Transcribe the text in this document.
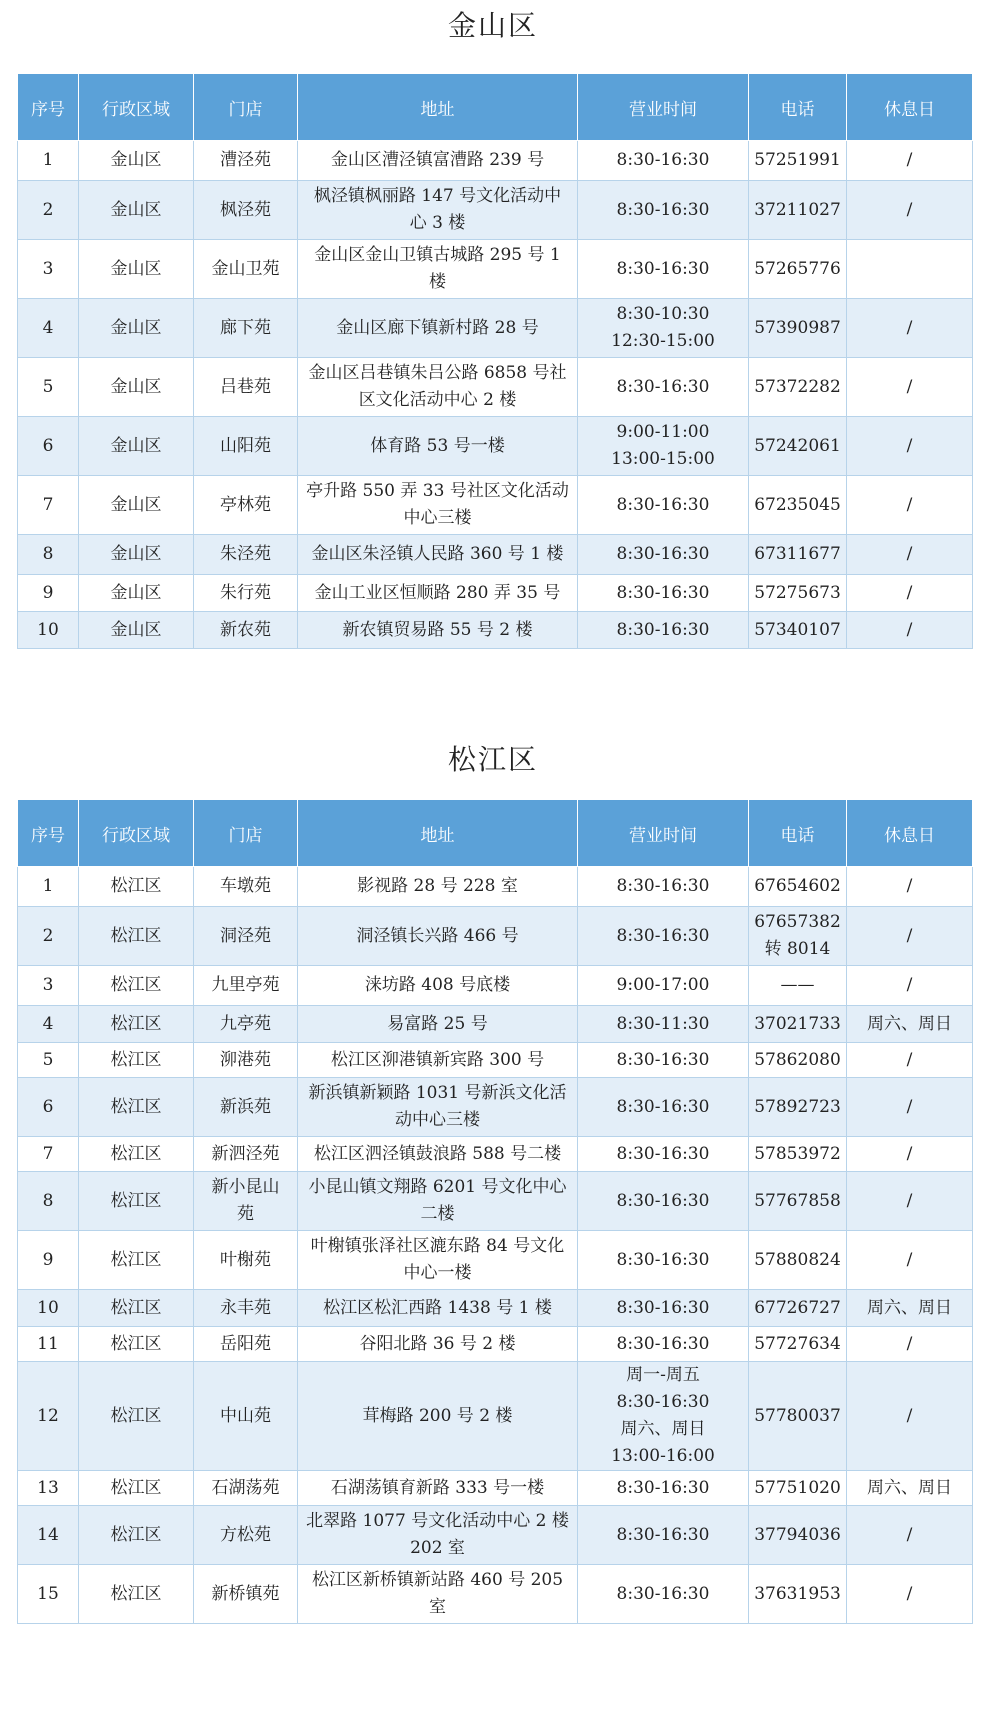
金山区
序号	行政区域	门店	地址	营业时间	电话	休息日
1	金山区	漕泾苑	金山区漕泾镇富漕路 239 号	8:30-16:30	57251991	/
2	金山区	枫泾苑	枫泾镇枫丽路 147 号文化活动中
心 3 楼	8:30-16:30	37211027	/
3	金山区	金山卫苑	金山区金山卫镇古城路 295 号 1
楼	8:30-16:30	57265776	
4	金山区	廊下苑	金山区廊下镇新村路 28 号	8:30-10:30
12:30-15:00	57390987	/
5	金山区	吕巷苑	金山区吕巷镇朱吕公路 6858 号社
区文化活动中心 2 楼	8:30-16:30	57372282	/
6	金山区	山阳苑	体育路 53 号一楼	9:00-11:00
13:00-15:00	57242061	/
7	金山区	亭林苑	亭升路 550 弄 33 号社区文化活动
中心三楼	8:30-16:30	67235045	/
8	金山区	朱泾苑	金山区朱泾镇人民路 360 号 1 楼	8:30-16:30	67311677	/
9	金山区	朱行苑	金山工业区恒顺路 280 弄 35 号	8:30-16:30	57275673	/
10	金山区	新农苑	新农镇贸易路 55 号 2 楼	8:30-16:30	57340107	/
松江区
序号	行政区域	门店	地址	营业时间	电话	休息日
1	松江区	车墩苑	影视路 28 号 228 室	8:30-16:30	67654602	/
2	松江区	洞泾苑	洞泾镇长兴路 466 号	8:30-16:30	67657382
转 8014	/
3	松江区	九里亭苑	涞坊路 408 号底楼	9:00-17:00	——	/
4	松江区	九亭苑	易富路 25 号	8:30-11:30	37021733	周六、周日
5	松江区	泖港苑	松江区泖港镇新宾路 300 号	8:30-16:30	57862080	/
6	松江区	新浜苑	新浜镇新颖路 1031 号新浜文化活
动中心三楼	8:30-16:30	57892723	/
7	松江区	新泗泾苑	松江区泗泾镇鼓浪路 588 号二楼	8:30-16:30	57853972	/
8	松江区	新小昆山
苑	小昆山镇文翔路 6201 号文化中心
二楼	8:30-16:30	57767858	/
9	松江区	叶榭苑	叶榭镇张泽社区漉东路 84 号文化
中心一楼	8:30-16:30	57880824	/
10	松江区	永丰苑	松江区松汇西路 1438 号 1 楼	8:30-16:30	67726727	周六、周日
11	松江区	岳阳苑	谷阳北路 36 号 2 楼	8:30-16:30	57727634	/
12	松江区	中山苑	茸梅路 200 号 2 楼	周一-周五
8:30-16:30
周六、周日
13:00-16:00	57780037	/
13	松江区	石湖荡苑	石湖荡镇育新路 333 号一楼	8:30-16:30	57751020	周六、周日
14	松江区	方松苑	北翠路 1077 号文化活动中心 2 楼
202 室	8:30-16:30	37794036	/
15	松江区	新桥镇苑	松江区新桥镇新站路 460 号 205
室	8:30-16:30	37631953	/
